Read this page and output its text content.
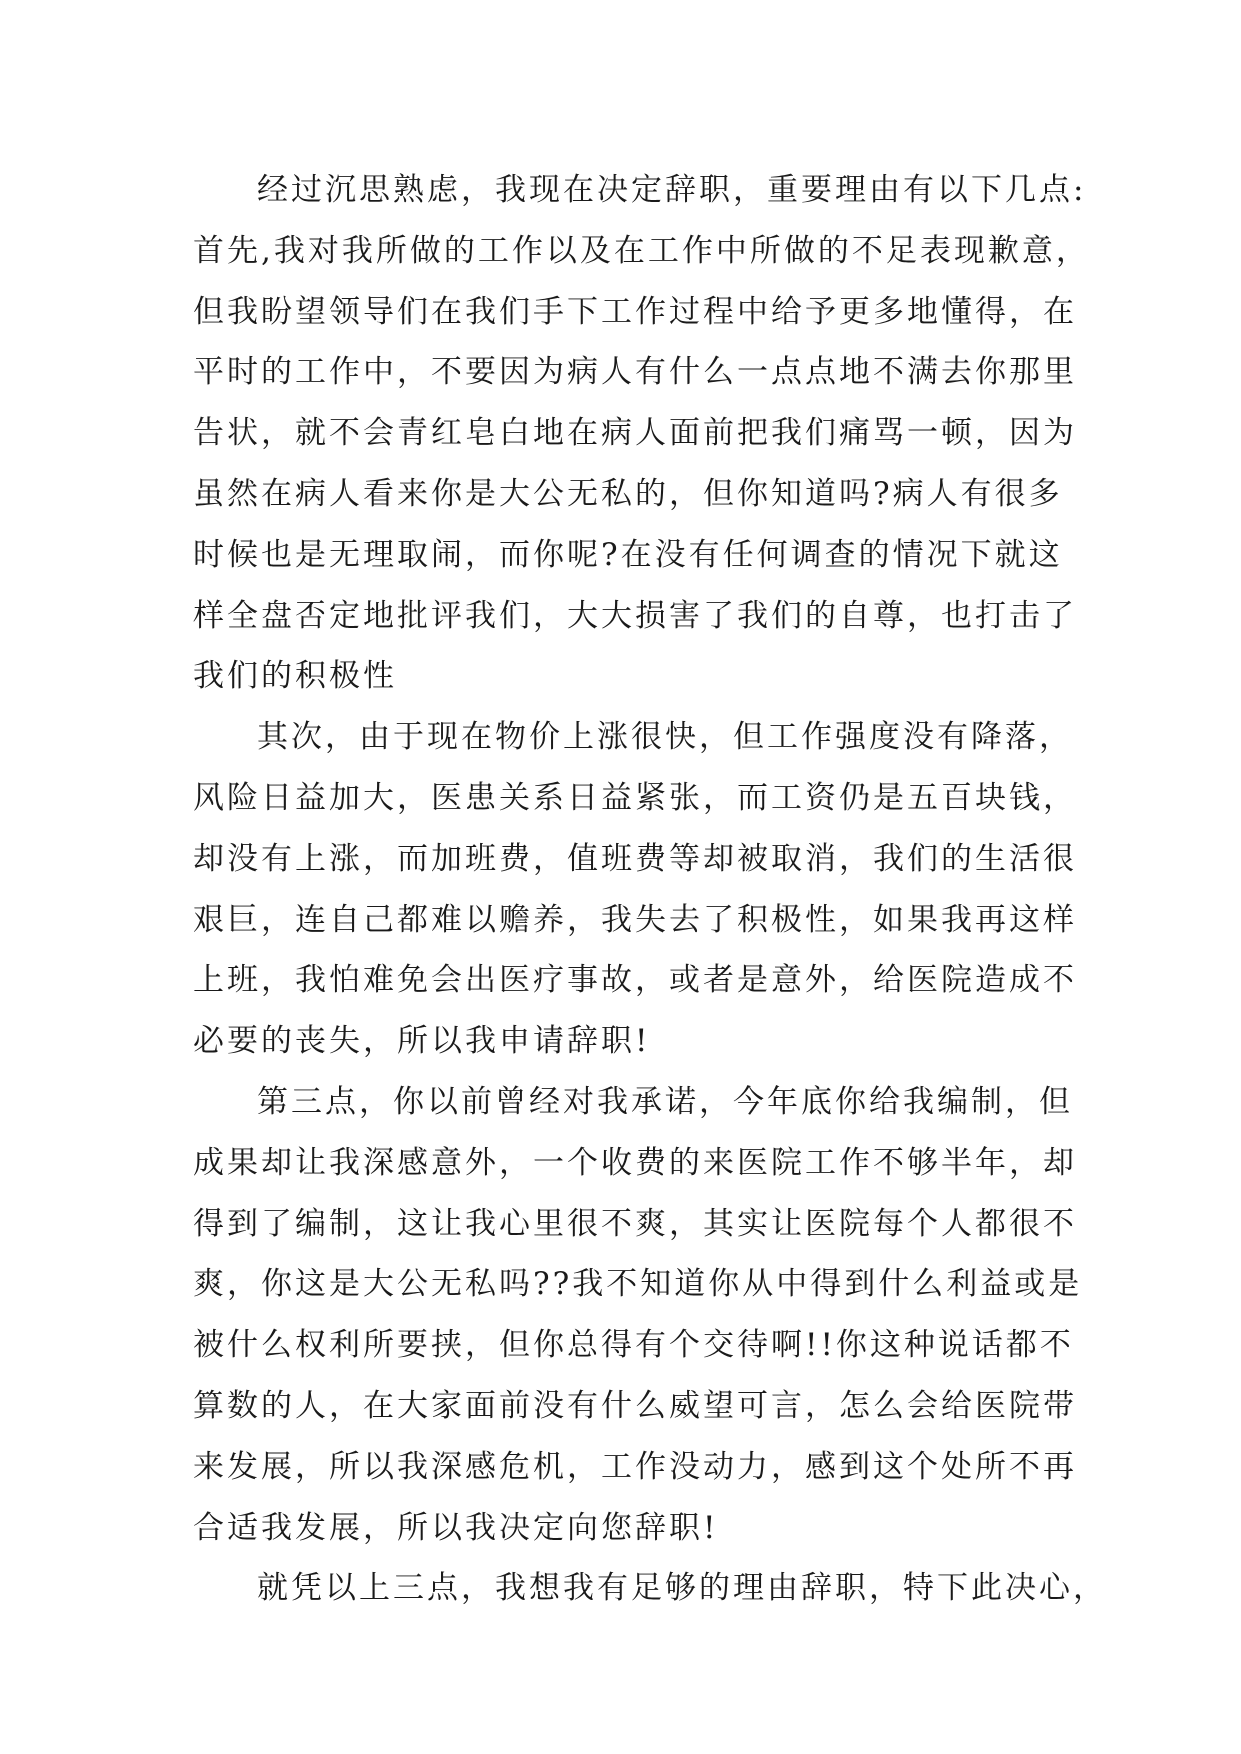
经过沉思熟虑，我现在决定辞职，重要理由有以下几点:
首先,我对我所做的工作以及在工作中所做的不足表现歉意，
但我盼望领导们在我们手下工作过程中给予更多地懂得，在
平时的工作中，不要因为病人有什么一点点地不满去你那里
告状，就不会青红皂白地在病人面前把我们痛骂一顿，因为
虽然在病人看来你是大公无私的，但你知道吗?病人有很多
时候也是无理取闹，而你呢?在没有任何调查的情况下就这
样全盘否定地批评我们，大大损害了我们的自尊，也打击了
我们的积极性
其次，由于现在物价上涨很快，但工作强度没有降落，
风险日益加大，医患关系日益紧张，而工资仍是五百块钱，
却没有上涨，而加班费，值班费等却被取消，我们的生活很
艰巨，连自己都难以赡养，我失去了积极性，如果我再这样
上班，我怕难免会出医疗事故，或者是意外，给医院造成不
必要的丧失，所以我申请辞职!
第三点，你以前曾经对我承诺，今年底你给我编制，但
成果却让我深感意外，一个收费的来医院工作不够半年，却
得到了编制，这让我心里很不爽，其实让医院每个人都很不
爽，你这是大公无私吗??我不知道你从中得到什么利益或是
被什么权利所要挟，但你总得有个交待啊!!你这种说话都不
算数的人，在大家面前没有什么威望可言，怎么会给医院带
来发展，所以我深感危机，工作没动力，感到这个处所不再
合适我发展，所以我决定向您辞职!
就凭以上三点，我想我有足够的理由辞职，特下此决心，
